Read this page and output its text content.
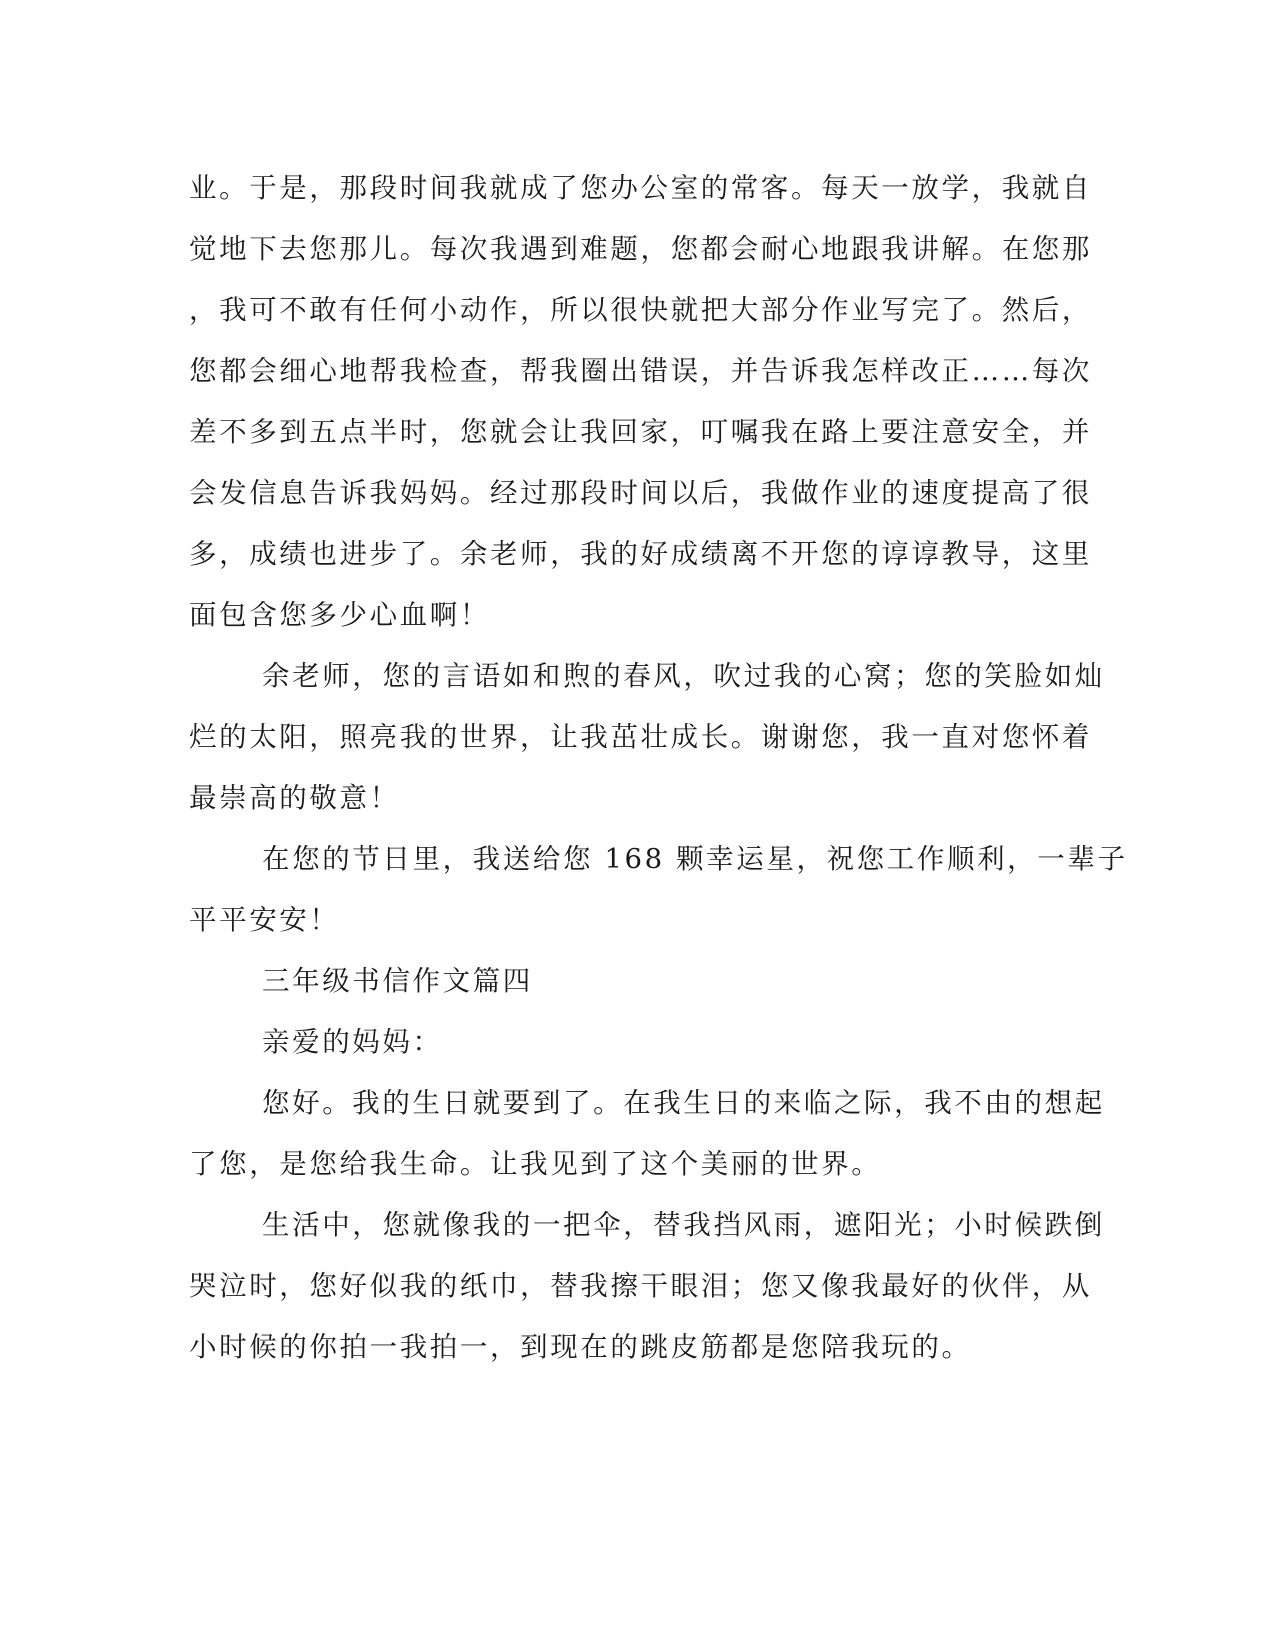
业。于是，那段时间我就成了您办公室的常客。每天一放学，我就自
觉地下去您那儿。每次我遇到难题，您都会耐心地跟我讲解。在您那
，我可不敢有任何小动作，所以很快就把大部分作业写完了。然后，
您都会细心地帮我检查，帮我圈出错误，并告诉我怎样改正……每次
差不多到五点半时，您就会让我回家，叮嘱我在路上要注意安全，并
会发信息告诉我妈妈。经过那段时间以后，我做作业的速度提高了很
多，成绩也进步了。余老师，我的好成绩离不开您的谆谆教导，这里
面包含您多少心血啊！
余老师，您的言语如和煦的春风，吹过我的心窝；您的笑脸如灿
烂的太阳，照亮我的世界，让我茁壮成长。谢谢您，我一直对您怀着
最崇高的敬意！
在您的节日里，我送给您 168 颗幸运星，祝您工作顺利，一辈子
平平安安！
三年级书信作文篇四
亲爱的妈妈：
您好。我的生日就要到了。在我生日的来临之际，我不由的想起
了您，是您给我生命。让我见到了这个美丽的世界。
生活中，您就像我的一把伞，替我挡风雨，遮阳光；小时候跌倒
哭泣时，您好似我的纸巾，替我擦干眼泪；您又像我最好的伙伴，从
小时候的你拍一我拍一，到现在的跳皮筋都是您陪我玩的。
